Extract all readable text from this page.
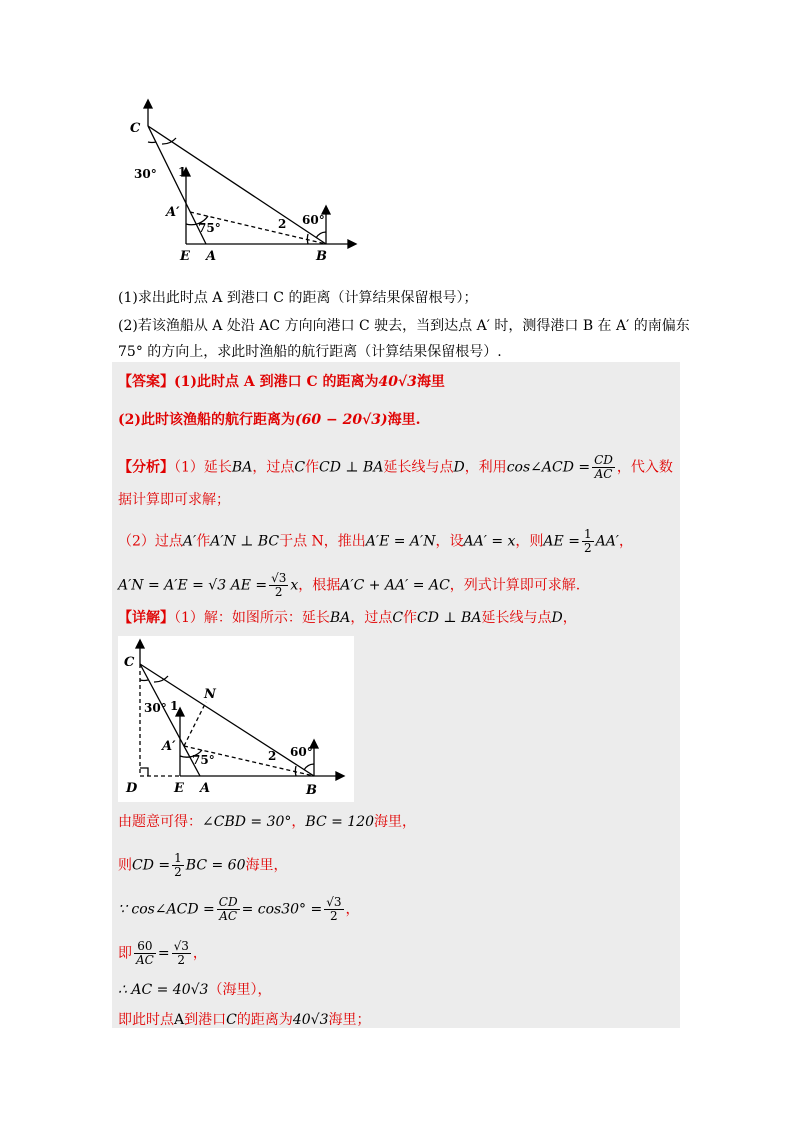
C
A′
E A	B
30° 1
75°	2 60°
(1)求出此时点 A 到港口 C 的距离（计算结果保留根号）；
(2)若该渔船从 A 处沿 AC 方向向港口 C 驶去，当到达点 A′ 时，测得港口 B 在 A′ 的南偏东
75° 的方向上，求此时渔船的航行距离（计算结果保留根号）.
【答案】(1)此时点 A 到港口 C 的距离为40√3海里
(2)此时该渔船的航行距离为(60 − 20√3)海里.
【分析】（1）延长BA，过点C作CD ⊥ BA延长线与点D，利用cos∠ACD = $\frac{CD}{AC}$ ，代入数
据计算即可求解；
（2）过点A′作A′N ⊥ BC于点 N，推出A′E = A′N，设AA′ = x，则AE = $\frac{1}{2} AA'$，
A′N = A′E = √3 AE = $\frac{√3}{2}$ x，根据A′C + AA′ = AC，列式计算即可求解.
【详解】（1）解：如图所示：延长BA，过点C作CD ⊥ BA延长线与点D，
C
N
A′
D	E A	B
30° 1
75°	2 60°
由题意可得：∠CBD = 30°，BC = 120海里，
则CD = $\frac{1}{2}$ BC = 60海里，
∵ cos∠ACD = $\frac{CD}{AC} = \cos 30^\circ = \frac{√3}{2}$ ，
即 $\frac{60}{AC} = \frac{√3}{2}$ ，
∴ AC = 40√3（海里），
即此时点A到港口C的距离为40√3海里；
